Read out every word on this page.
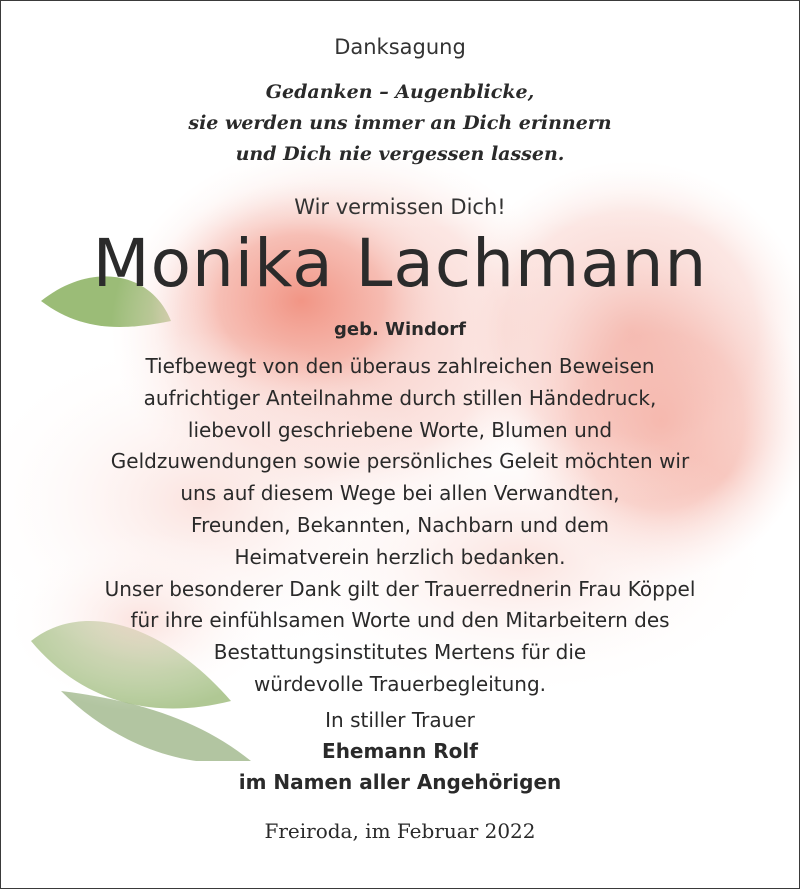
Danksagung
Gedanken – Augenblicke,
sie werden uns immer an Dich erinnern
und Dich nie vergessen lassen.
Wir vermissen Dich!
Monika Lachmann
geb. Windorf
Tiefbewegt von den überaus zahlreichen Beweisen
aufrichtiger Anteilnahme durch stillen Händedruck,
liebevoll geschriebene Worte, Blumen und
Geldzuwendungen sowie persönliches Geleit möchten wir
uns auf diesem Wege bei allen Verwandten,
Freunden, Bekannten, Nachbarn und dem
Heimatverein herzlich bedanken.
Unser besonderer Dank gilt der Trauerrednerin Frau Köppel
für ihre einfühlsamen Worte und den Mitarbeitern des
Bestattungsinstitutes Mertens für die
würdevolle Trauerbegleitung.
In stiller Trauer
Ehemann Rolf
im Namen aller Angehörigen
Freiroda, im Februar 2022
